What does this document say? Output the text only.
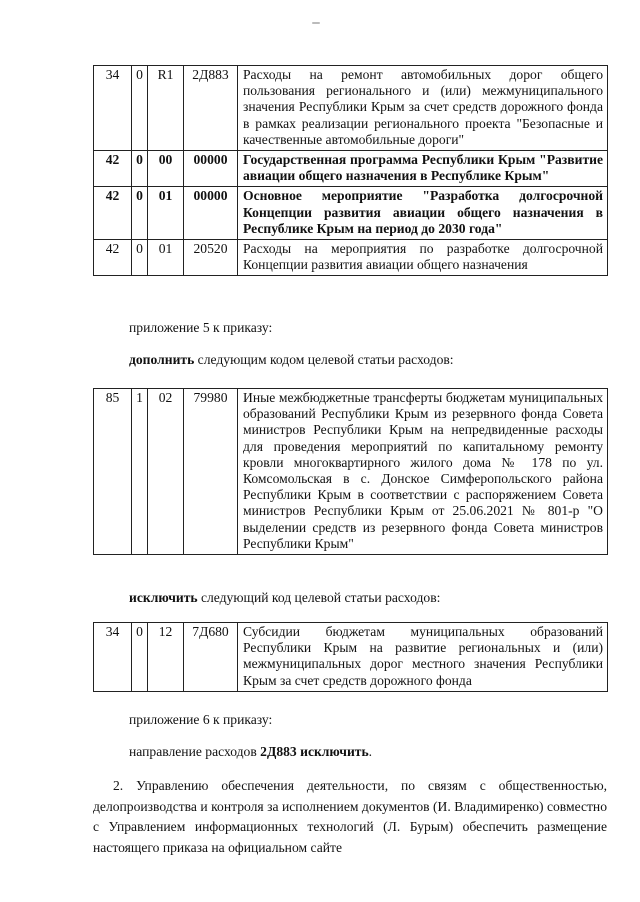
34	0	R1	2Д883	Расходы на ремонт автомобильных дорог общего пользования регионального и (или) межмуниципального значения Республики Крым за счет средств дорожного фонда в рамках реализации регионального проекта "Безопасные и качественные автомобильные дороги"
42	0	00	00000	Государственная программа Республики Крым "Развитие авиации общего назначения в Республике Крым"
42	0	01	00000	Основное мероприятие "Разработка долгосрочной Концепции развития авиации общего назначения в Республике Крым на период до 2030 года"
42	0	01	20520	Расходы на мероприятия по разработке долгосрочной Концепции развития авиации общего назначения
приложение 5 к приказу:
дополнить следующим кодом целевой статьи расходов:
85	1	02	79980	Иные межбюджетные трансферты бюджетам муниципальных образований Республики Крым из резервного фонда Совета министров Республики Крым на непредвиденные расходы для проведения мероприятий по капитальному ремонту кровли многоквартирного жилого дома № 178 по ул. Комсомольская в с. Донское Симферопольского района Республики Крым в соответствии с распоряжением Совета министров Республики Крым от 25.06.2021 № 801-р "О выделении средств из резервного фонда Совета министров Республики Крым"
исключить следующий код целевой статьи расходов:
34	0	12	7Д680	Субсидии бюджетам муниципальных образований Республики Крым на развитие региональных и (или) межмуниципальных дорог местного значения Республики Крым за счет средств дорожного фонда
приложение 6 к приказу:
направление расходов 2Д883 исключить.
2. Управлению обеспечения деятельности, по связям с общественностью, делопроизводства и контроля за исполнением документов (И. Владимиренко) совместно с Управлением информационных технологий (Л. Бурым) обеспечить размещение настоящего приказа на официальном сайте
